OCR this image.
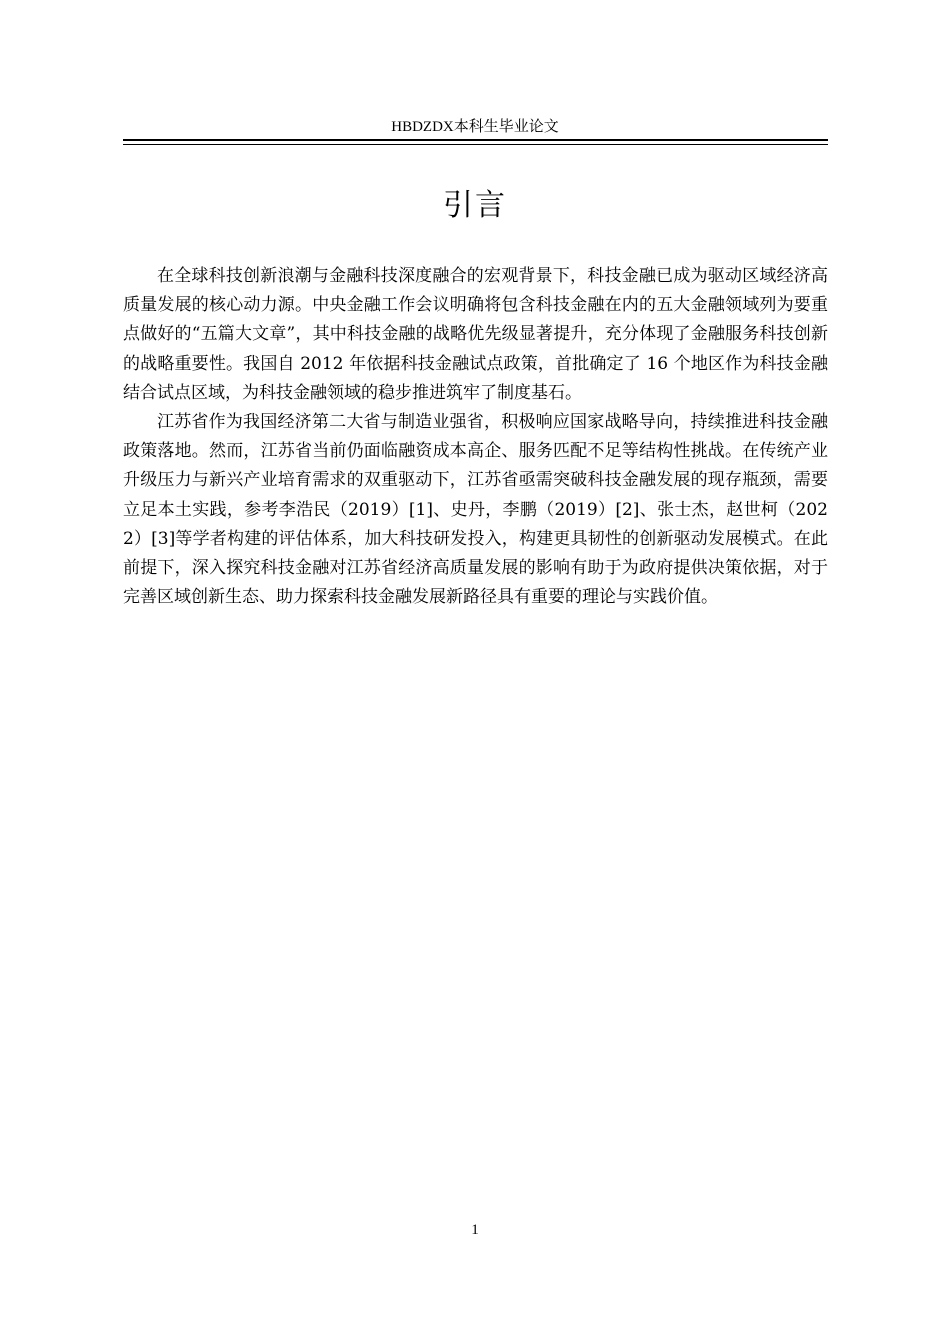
HBDZDX本科生毕业论文
引言

在全球科技创新浪潮与金融科技深度融合的宏观背景下，科技金融已成为驱动区域经济高质量发展的核心动力源。中央金融工作会议明确将包含科技金融在内的五大金融领域列为要重点做好的“五篇大文章”，其中科技金融的战略优先级显著提升，充分体现了金融服务科技创新的战略重要性。我国自 2012 年依据科技金融试点政策，首批确定了 16 个地区作为科技金融结合试点区域，为科技金融领域的稳步推进筑牢了制度基石。

江苏省作为我国经济第二大省与制造业强省，积极响应国家战略导向，持续推进科技金融政策落地。然而，江苏省当前仍面临融资成本高企、服务匹配不足等结构性挑战。在传统产业升级压力与新兴产业培育需求的双重驱动下，江苏省亟需突破科技金融发展的现存瓶颈，需要立足本土实践，参考李浩民（2019）[1]、史丹，李鹏（2019）[2]、张士杰，赵世柯（2022）[3]等学者构建的评估体系，加大科技研发投入，构建更具韧性的创新驱动发展模式。在此前提下，深入探究科技金融对江苏省经济高质量发展的影响有助于为政府提供决策依据，对于完善区域创新生态、助力探索科技金融发展新路径具有重要的理论与实践价值。

1
